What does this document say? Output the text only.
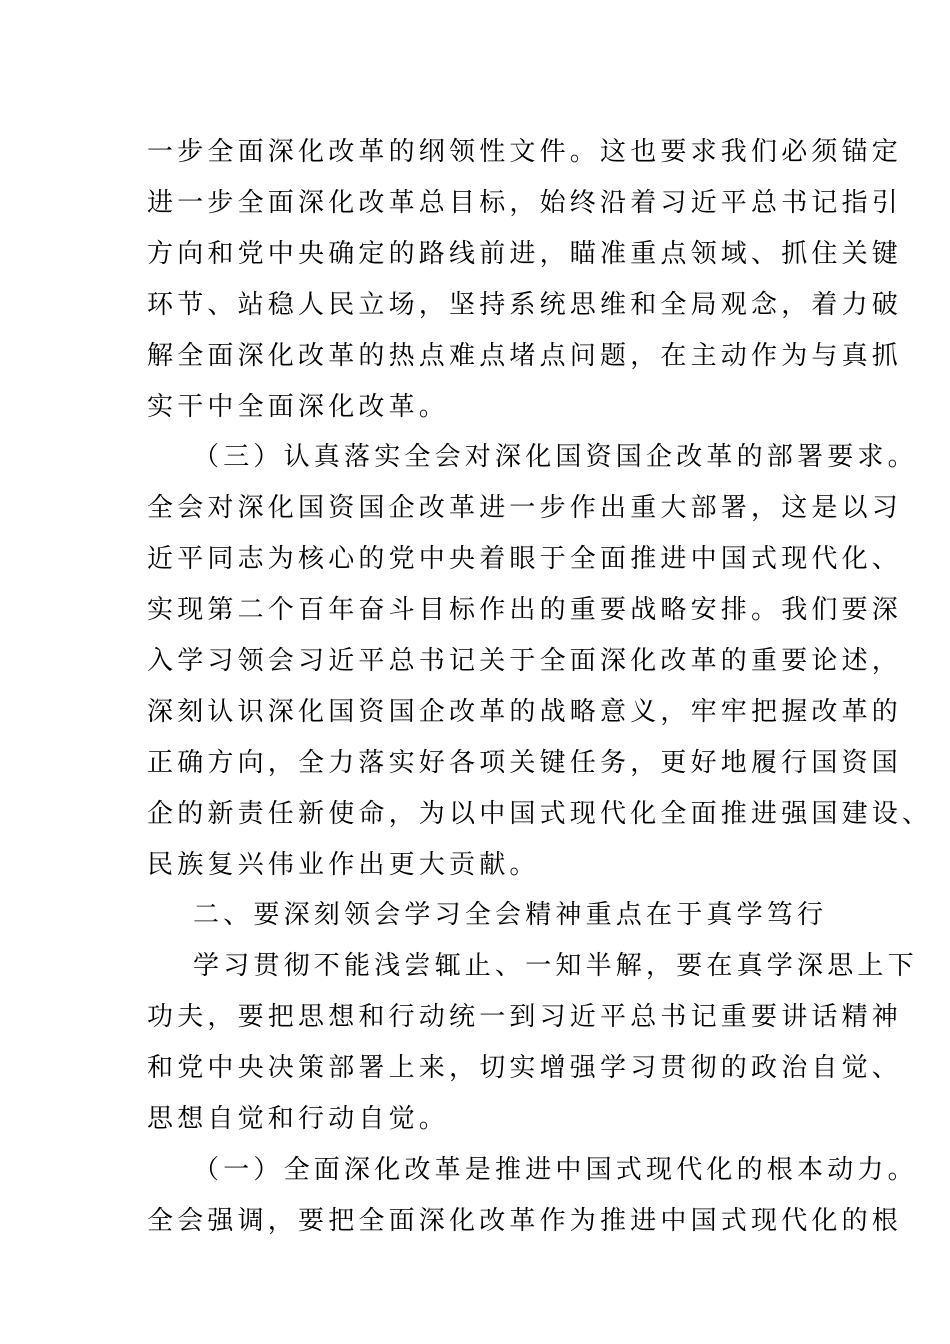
一步全面深化改革的纲领性文件。这也要求我们必须锚定
进一步全面深化改革总目标，始终沿着习近平总书记指引
方向和党中央确定的路线前进，瞄准重点领域、抓住关键
环节、站稳人民立场，坚持系统思维和全局观念，着力破
解全面深化改革的热点难点堵点问题，在主动作为与真抓
实干中全面深化改革。
（三）认真落实全会对深化国资国企改革的部署要求。
全会对深化国资国企改革进一步作出重大部署，这是以习
近平同志为核心的党中央着眼于全面推进中国式现代化、
实现第二个百年奋斗目标作出的重要战略安排。我们要深
入学习领会习近平总书记关于全面深化改革的重要论述，
深刻认识深化国资国企改革的战略意义，牢牢把握改革的
正确方向，全力落实好各项关键任务，更好地履行国资国
企的新责任新使命，为以中国式现代化全面推进强国建设、
民族复兴伟业作出更大贡献。
二、要深刻领会学习全会精神重点在于真学笃行
学习贯彻不能浅尝辄止、一知半解，要在真学深思上下
功夫，要把思想和行动统一到习近平总书记重要讲话精神
和党中央决策部署上来，切实增强学习贯彻的政治自觉、
思想自觉和行动自觉。
（一）全面深化改革是推进中国式现代化的根本动力。
全会强调，要把全面深化改革作为推进中国式现代化的根
